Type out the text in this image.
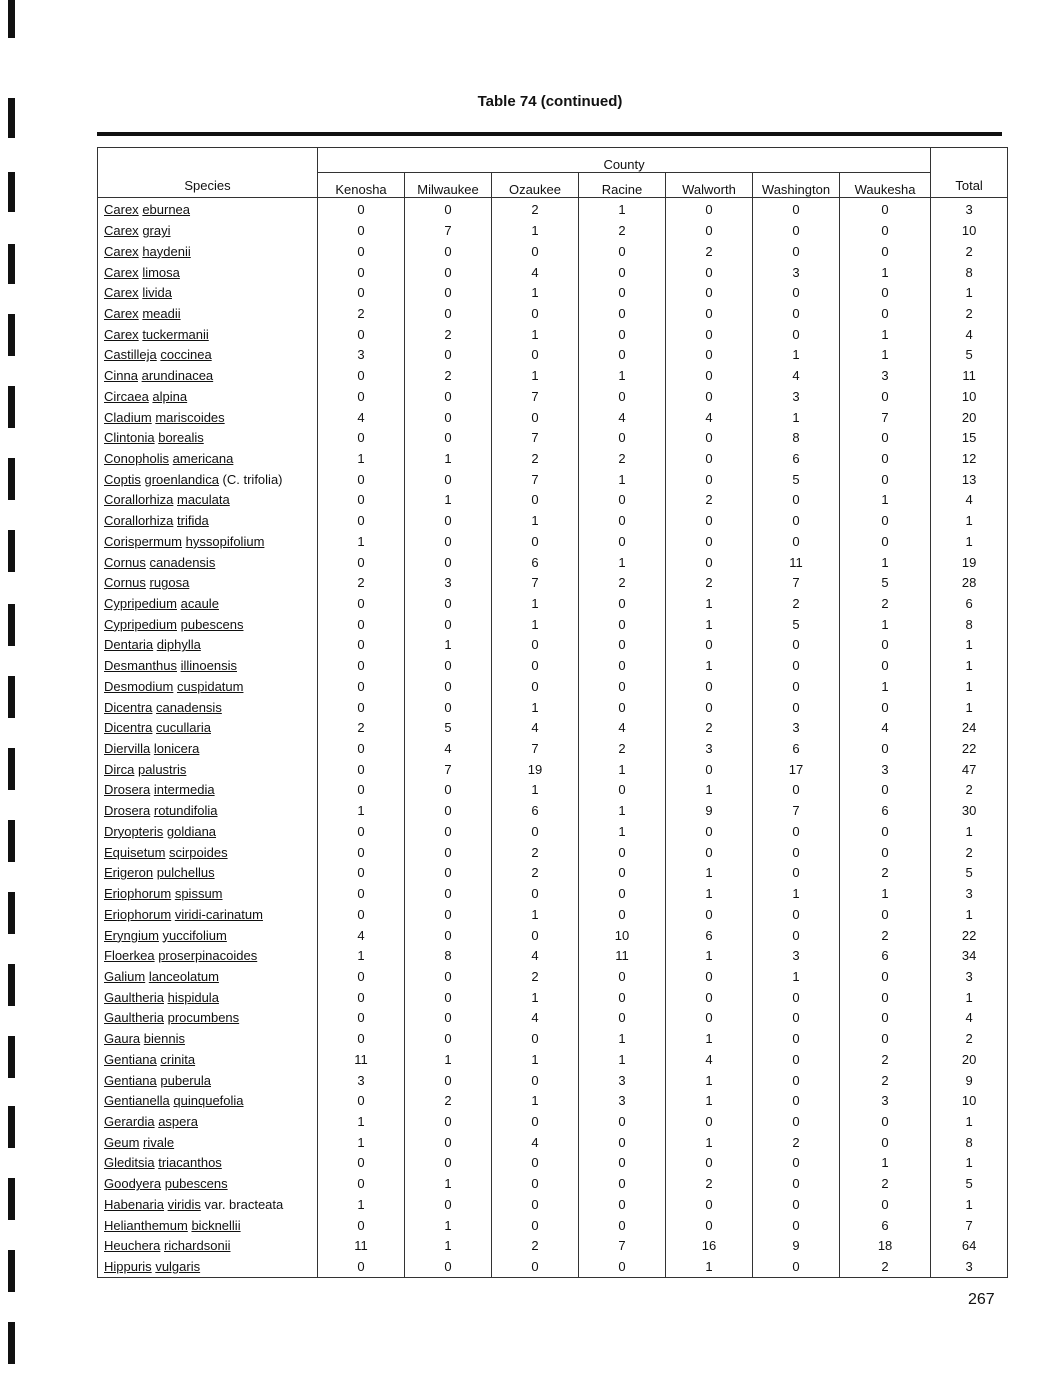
Table 74 (continued)
Species	County							Total
	Kenosha	Milwaukee	Ozaukee	Racine	Walworth	Washington	Waukesha	
Carex eburnea	0	0	2	1	0	0	0	3
Carex grayi	0	7	1	2	0	0	0	10
Carex haydenii	0	0	0	0	2	0	0	2
Carex limosa	0	0	4	0	0	3	1	8
Carex livida	0	0	1	0	0	0	0	1
Carex meadii	2	0	0	0	0	0	0	2
Carex tuckermanii	0	2	1	0	0	0	1	4
Castilleja coccinea	3	0	0	0	0	1	1	5
Cinna arundinacea	0	2	1	1	0	4	3	11
Circaea alpina	0	0	7	0	0	3	0	10
Cladium mariscoides	4	0	0	4	4	1	7	20
Clintonia borealis	0	0	7	0	0	8	0	15
Conopholis americana	1	1	2	2	0	6	0	12
Coptis groenlandica (C. trifolia)	0	0	7	1	0	5	0	13
Corallorhiza maculata	0	1	0	0	2	0	1	4
Corallorhiza trifida	0	0	1	0	0	0	0	1
Corispermum hyssopifolium	1	0	0	0	0	0	0	1
Cornus canadensis	0	0	6	1	0	11	1	19
Cornus rugosa	2	3	7	2	2	7	5	28
Cypripedium acaule	0	0	1	0	1	2	2	6
Cypripedium pubescens	0	0	1	0	1	5	1	8
Dentaria diphylla	0	1	0	0	0	0	0	1
Desmanthus illinoensis	0	0	0	0	1	0	0	1
Desmodium cuspidatum	0	0	0	0	0	0	1	1
Dicentra canadensis	0	0	1	0	0	0	0	1
Dicentra cucullaria	2	5	4	4	2	3	4	24
Diervilla lonicera	0	4	7	2	3	6	0	22
Dirca palustris	0	7	19	1	0	17	3	47
Drosera intermedia	0	0	1	0	1	0	0	2
Drosera rotundifolia	1	0	6	1	9	7	6	30
Dryopteris goldiana	0	0	0	1	0	0	0	1
Equisetum scirpoides	0	0	2	0	0	0	0	2
Erigeron pulchellus	0	0	2	0	1	0	2	5
Eriophorum spissum	0	0	0	0	1	1	1	3
Eriophorum viridi-carinatum	0	0	1	0	0	0	0	1
Eryngium yuccifolium	4	0	0	10	6	0	2	22
Floerkea proserpinacoides	1	8	4	11	1	3	6	34
Galium lanceolatum	0	0	2	0	0	1	0	3
Gaultheria hispidula	0	0	1	0	0	0	0	1
Gaultheria procumbens	0	0	4	0	0	0	0	4
Gaura biennis	0	0	0	1	1	0	0	2
Gentiana crinita	11	1	1	1	4	0	2	20
Gentiana puberula	3	0	0	3	1	0	2	9
Gentianella quinquefolia	0	2	1	3	1	0	3	10
Gerardia aspera	1	0	0	0	0	0	0	1
Geum rivale	1	0	4	0	1	2	0	8
Gleditsia triacanthos	0	0	0	0	0	0	1	1
Goodyera pubescens	0	1	0	0	2	0	2	5
Habenaria viridis var. bracteata	1	0	0	0	0	0	0	1
Helianthemum bicknellii	0	1	0	0	0	0	6	7
Heuchera richardsonii	11	1	2	7	16	9	18	64
Hippuris vulgaris	0	0	0	0	1	0	2	3
267
